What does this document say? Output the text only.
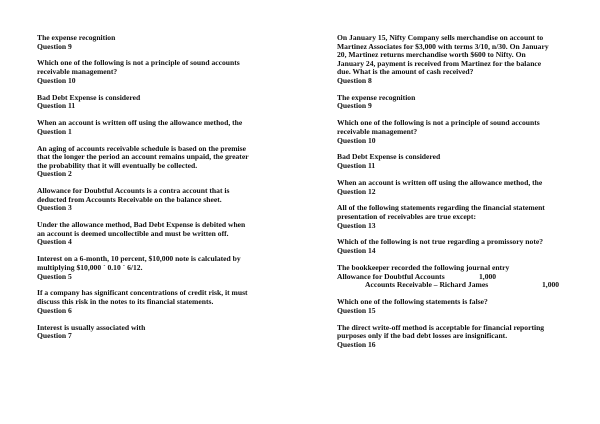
The expense recognition
Question 9
Which one of the following is not a principle of sound accounts
receivable management?
Question 10
Bad Debt Expense is considered
Question 11
When an account is written off using the allowance method, the
Question 1
An aging of accounts receivable schedule is based on the premise
that the longer the period an account remains unpaid, the greater
the probability that it will eventually be collected.
Question 2
Allowance for Doubtful Accounts is a contra account that is
deducted from Accounts Receivable on the balance sheet.
Question 3
Under the allowance method, Bad Debt Expense is debited when
an account is deemed uncollectible and must be written off.
Question 4
Interest on a 6-month, 10 percent, $10,000 note is calculated by
multiplying $10,000 ´ 0.10 ´ 6/12.
Question 5
If a company has significant concentrations of credit risk, it must
discuss this risk in the notes to its financial statements.
Question 6
Interest is usually associated with
Question 7
On January 15, Nifty Company sells merchandise on account to
Martinez Associates for $3,000 with terms 3/10, n/30. On January
20, Martinez returns merchandise worth $600 to Nifty. On
January 24, payment is received from Martinez for the balance
due. What is the amount of cash received?
Question 8
The expense recognition
Question 9
Which one of the following is not a principle of sound accounts
receivable management?
Question 10
Bad Debt Expense is considered
Question 11
When an account is written off using the allowance method, the
Question 12
All of the following statements regarding the financial statement
presentation of receivables are true except:
Question 13
Which of the following is not true regarding a promissory note?
Question 14
The bookkeeper recorded the following journal entry
Allowance for Doubtful Accounts	1,000
Accounts Receivable – Richard James	1,000
Which one of the following statements is false?
Question 15
The direct write-off method is acceptable for financial reporting
purposes only if the bad debt losses are insignificant.
Question 16
